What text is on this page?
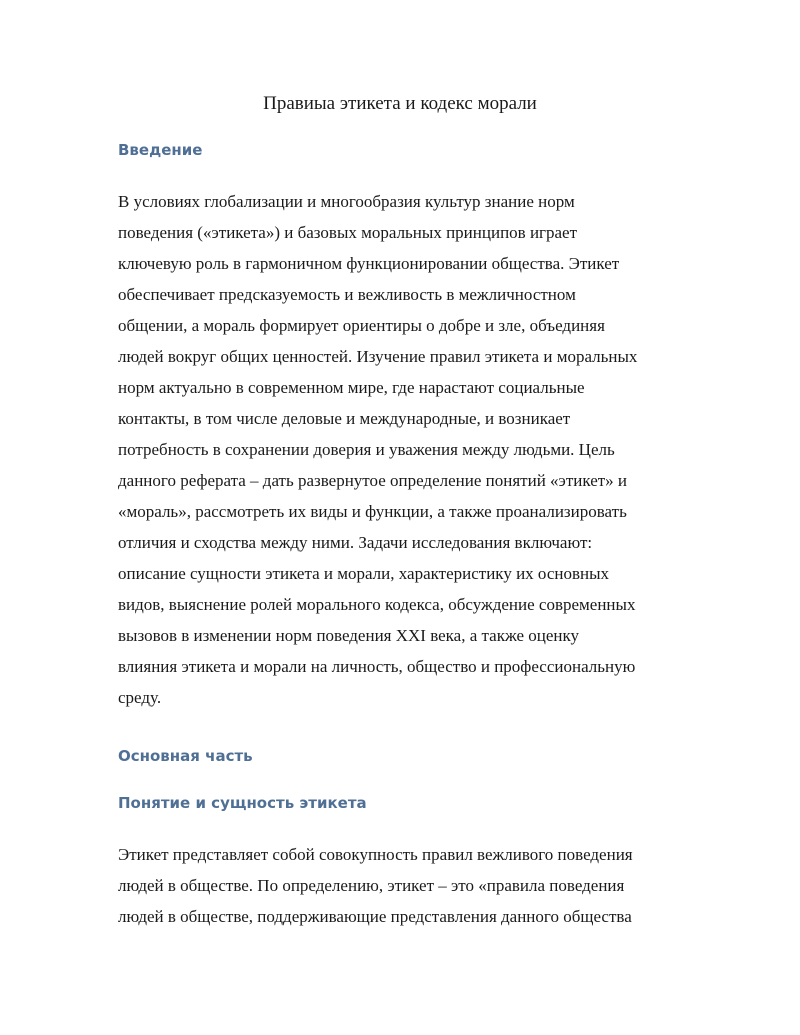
Правиыа этикета и кодекс морали
Введение
В условиях глобализации и многообразия культур знание норм
поведения («этикета») и базовых моральных принципов играет
ключевую роль в гармоничном функционировании общества. Этикет
обеспечивает предсказуемость и вежливость в межличностном
общении, а мораль формирует ориентиры о добре и зле, объединяя
людей вокруг общих ценностей. Изучение правил этикета и моральных
норм актуально в современном мире, где нарастают социальные
контакты, в том числе деловые и международные, и возникает
потребность в сохранении доверия и уважения между людьми. Цель
данного реферата – дать развернутое определение понятий «этикет» и
«мораль», рассмотреть их виды и функции, а также проанализировать
отличия и сходства между ними. Задачи исследования включают:
описание сущности этикета и морали, характеристику их основных
видов, выяснение ролей морального кодекса, обсуждение современных
вызовов в изменении норм поведения XXI века, а также оценку
влияния этикета и морали на личность, общество и профессиональную
среду.
Основная часть
Понятие и сущность этикета
Этикет представляет собой совокупность правил вежливого поведения
людей в обществе. По определению, этикет – это «правила поведения
людей в обществе, поддерживающие представления данного общества
